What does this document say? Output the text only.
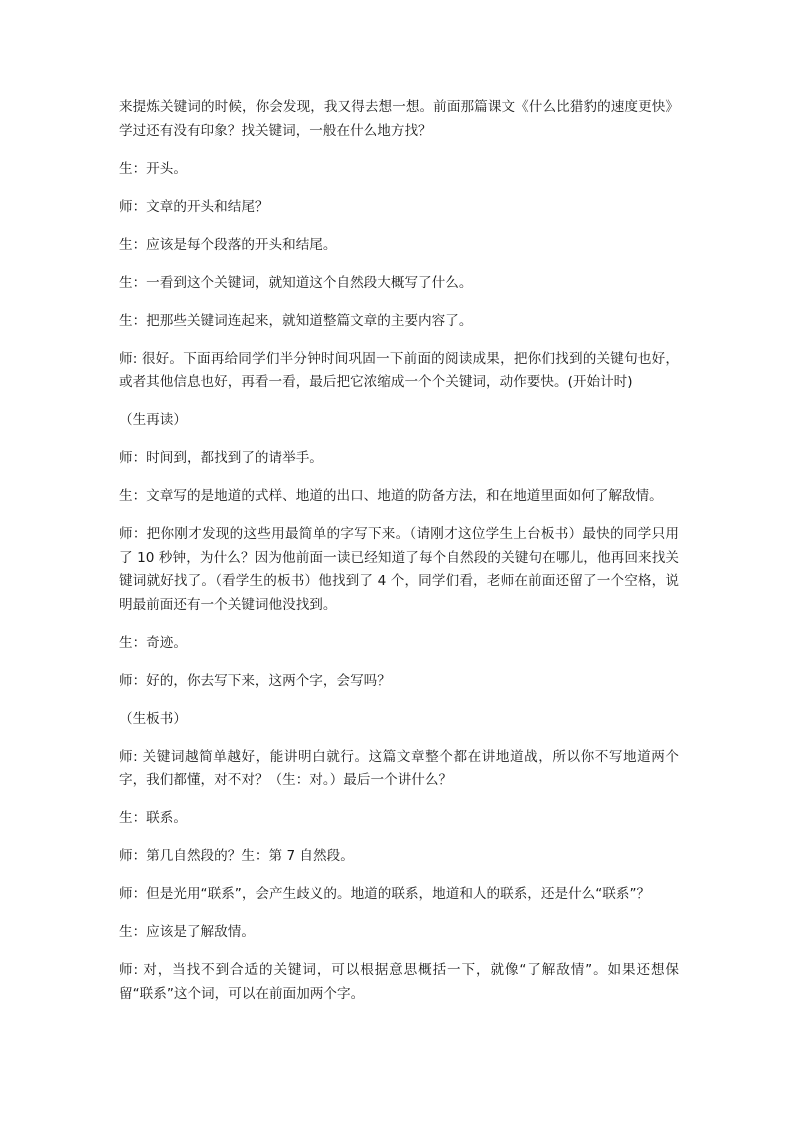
来提炼关键词的时候，你会发现，我又得去想一想。前面那篇课文《什么比猎豹的速度更快》学过还有没有印象？找关键词，一般在什么地方找？

生：开头。

师：文章的开头和结尾？

生：应该是每个段落的开头和结尾。

生：一看到这个关键词，就知道这个自然段大概写了什么。

生：把那些关键词连起来，就知道整篇文章的主要内容了。

师: 很好。下面再给同学们半分钟时间巩固一下前面的阅读成果，把你们找到的关键句也好，或者其他信息也好，再看一看，最后把它浓缩成一个个关键词，动作要快。(开始计时)

（生再读）

师：时间到，都找到了的请举手。

生：文章写的是地道的式样、地道的出口、地道的防备方法，和在地道里面如何了解敌情。

师：把你刚才发现的这些用最简单的字写下来。（请刚才这位学生上台板书）最快的同学只用了 10 秒钟，为什么？因为他前面一读已经知道了每个自然段的关键句在哪儿，他再回来找关键词就好找了。（看学生的板书）他找到了 4 个，同学们看，老师在前面还留了一个空格，说明最前面还有一个关键词他没找到。

生：奇迹。

师：好的，你去写下来，这两个字，会写吗？

（生板书）

师: 关键词越简单越好，能讲明白就行。这篇文章整个都在讲地道战，所以你不写地道两个字，我们都懂，对不对？（生：对。）最后一个讲什么？

生：联系。

师：第几自然段的？生：第 7 自然段。

师：但是光用“联系”，会产生歧义的。地道的联系，地道和人的联系，还是什么“联系”？

生：应该是了解敌情。

师: 对，当找不到合适的关键词，可以根据意思概括一下，就像“了解敌情”。如果还想保留“联系”这个词，可以在前面加两个字。
